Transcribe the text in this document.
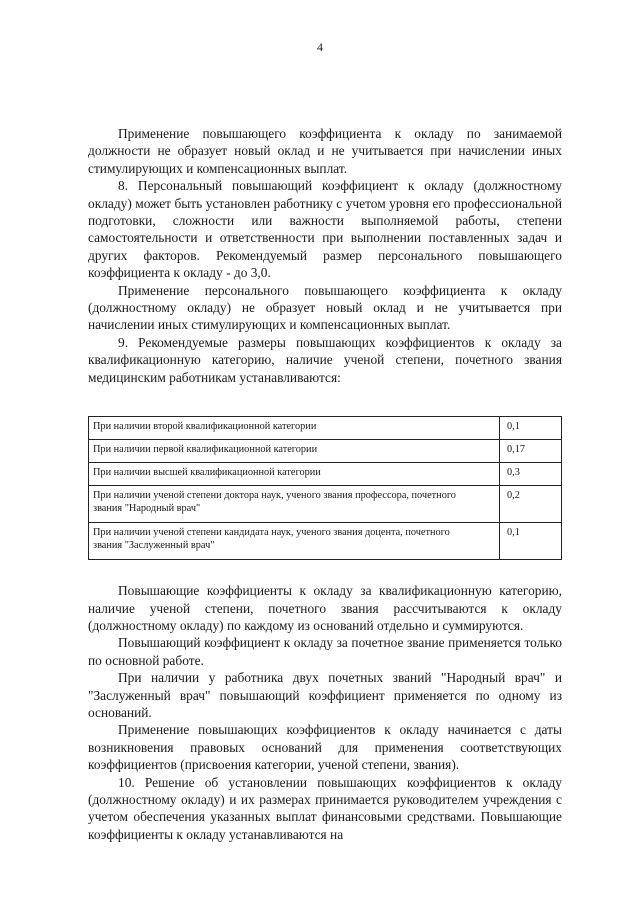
4

Применение повышающего коэффициента к окладу по занимаемой должности не образует новый оклад и не учитывается при начислении иных стимулирующих и компенсационных выплат.

8. Персональный повышающий коэффициент к окладу (должностному окладу) может быть установлен работнику с учетом уровня его профессиональной подготовки, сложности или важности выполняемой работы, степени самостоятельности и ответственности при выполнении поставленных задач и других факторов. Рекомендуемый размер персонального повышающего коэффициента к окладу - до 3,0.

Применение персонального повышающего коэффициента к окладу (должностному окладу) не образует новый оклад и не учитывается при начислении иных стимулирующих и компенсационных выплат.

9. Рекомендуемые размеры повышающих коэффициентов к окладу за квалификационную категорию, наличие ученой степени, почетного звания медицинским работникам устанавливаются:

При наличии второй квалификационной категории	0,1
При наличии первой квалификационной категории	0,17
При наличии высшей квалификационной категории	0,3
При наличии ученой степени доктора наук, ученого звания профессора, почетного звания "Народный врач"	0,2
При наличии ученой степени кандидата наук, ученого звания доцента, почетного звания "Заслуженный врач"	0,1

Повышающие коэффициенты к окладу за квалификационную категорию, наличие ученой степени, почетного звания рассчитываются к окладу (должностному окладу) по каждому из оснований отдельно и суммируются.

Повышающий коэффициент к окладу за почетное звание применяется только по основной работе.

При наличии у работника двух почетных званий "Народный врач" и "Заслуженный врач" повышающий коэффициент применяется по одному из оснований.

Применение повышающих коэффициентов к окладу начинается с даты возникновения правовых оснований для применения соответствующих коэффициентов (присвоения категории, ученой степени, звания).

10. Решение об установлении повышающих коэффициентов к окладу (должностному окладу) и их размерах принимается руководителем учреждения с учетом обеспечения указанных выплат финансовыми средствами. Повышающие коэффициенты к окладу устанавливаются на
